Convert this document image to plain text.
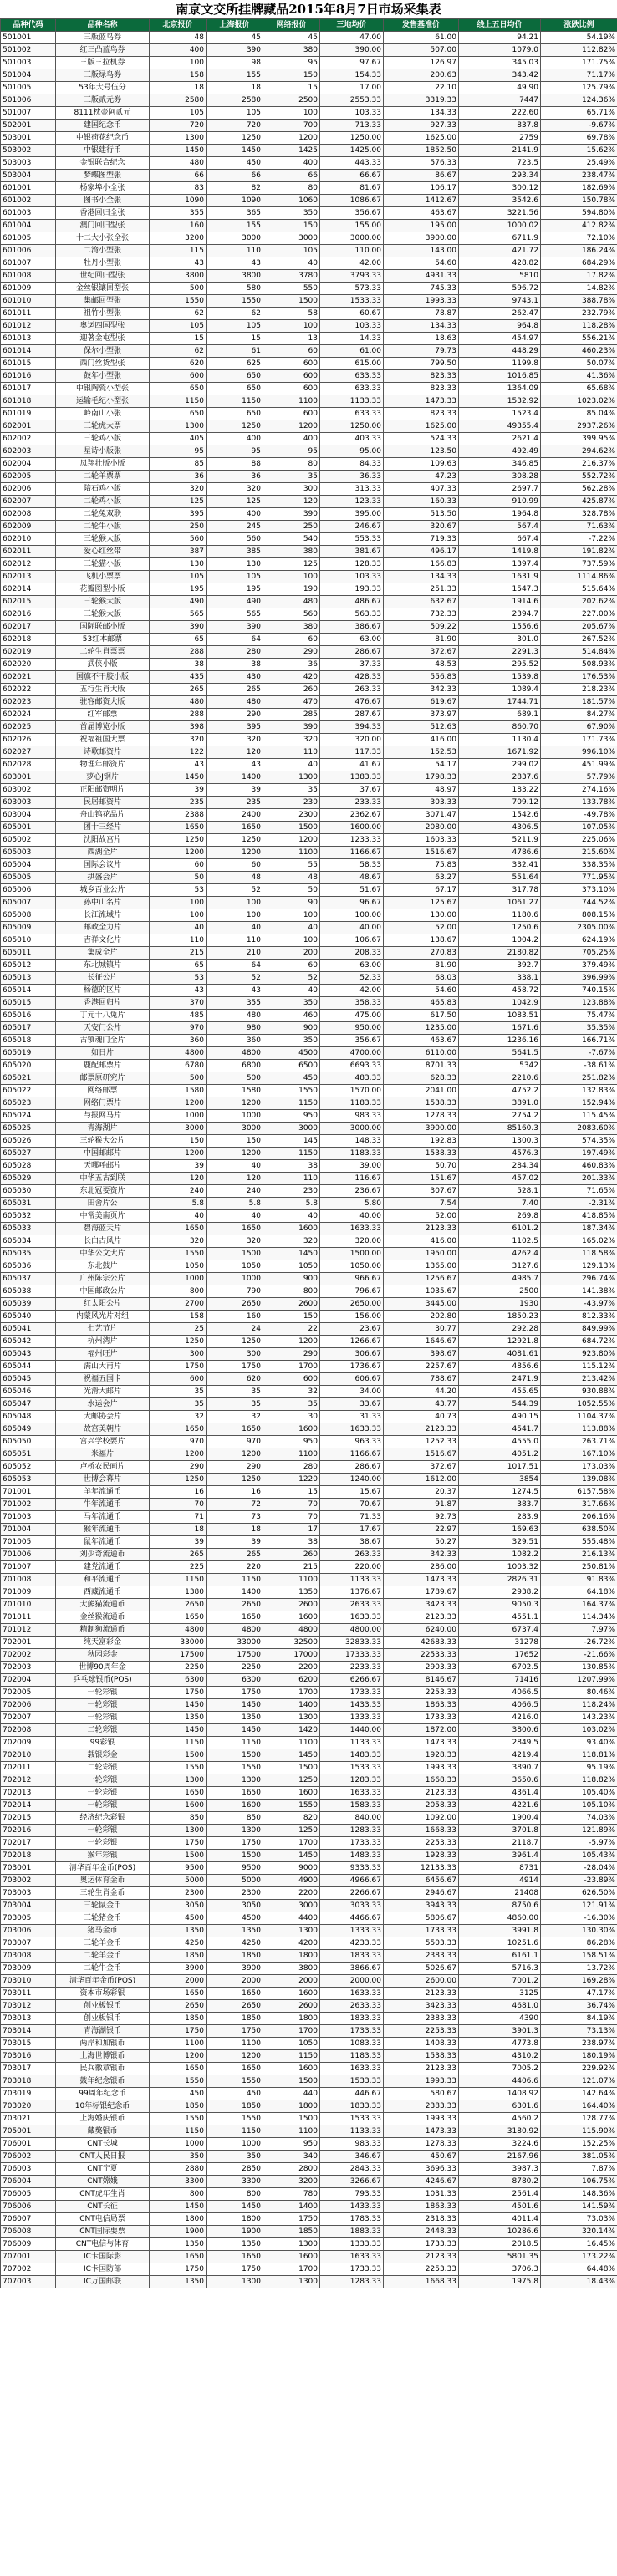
南京文交所挂牌藏品2015年8月7日市场采集表
品种代码	品种名称	北京报价	上海报价	网络报价	三地均价	发售基准价	线上五日均价	涨跌比例
501001	三版蓝鸟券	48	45	45	47.00	61.00	94.21	54.19%
501002	红三凸蓝鸟券	400	390	380	390.00	507.00	1079.0	112.82%
501003	三版三拉机券	100	98	95	97.67	126.97	345.03	171.75%
501004	三版绿鸟券	158	155	150	154.33	200.63	343.42	71.17%
501005	53年大号伍分	18	18	15	17.00	22.10	49.90	125.79%
501006	三版贰元券	2580	2580	2500	2553.33	3319.33	7447	124.36%
501007	8111枕壶阿贰元	105	105	100	103.33	134.33	222.60	65.71%
502001	建国纪念币	720	720	700	713.33	927.33	837.8	-9.67%
503001	中银荷花纪念币	1300	1250	1200	1250.00	1625.00	2759	69.78%
503002	中银建行币	1450	1450	1425	1425.00	1852.50	2141.9	15.62%
503003	金银联合纪念	480	450	400	443.33	576.33	723.5	25.49%
503004	梦蝶图型张	66	66	66	66.67	86.67	293.34	238.47%
601001	杨家埠小全张	83	82	80	81.67	106.17	300.12	182.69%
601002	图书小全张	1090	1090	1060	1086.67	1412.67	3542.6	150.78%
601003	香港回归全张	355	365	350	356.67	463.67	3221.56	594.80%
601004	澳门回归型张	160	155	150	155.00	195.00	1000.02	412.82%
601005	十二大小张全张	3200	3000	3000	3000.00	3900.00	6711.9	72.10%
601006	二湾小型张	115	110	105	110.00	143.00	421.72	186.24%
601007	牡丹小型张	43	43	40	42.00	54.60	428.82	684.29%
601008	世纪回归型张	3800	3800	3780	3793.33	4931.33	5810	17.82%
601009	金丝银镶回型张	500	580	550	573.33	745.33	596.72	14.82%
601010	集邮回型张	1550	1550	1500	1533.33	1993.33	9743.1	388.78%
601011	祖竹小型张	62	62	58	60.67	78.87	262.47	232.79%
601012	奥运四国型张	105	105	100	103.33	134.33	964.8	118.28%
601013	迎著金屯型张	15	15	13	14.33	18.63	454.97	556.21%
601014	保尔小型张	62	61	60	61.00	79.73	448.29	460.23%
601015	西门丝货型张	620	625	600	615.00	799.50	1199.8	50.07%
601016	鼓年小型张	600	650	600	633.33	823.33	1016.85	41.36%
601017	中银陶瓷小型张	650	650	600	633.33	823.33	1364.09	65.68%
601018	运输毛纪小型张	1150	1150	1100	1133.33	1473.33	1532.92	1023.02%
601019	岭南山小张	650	650	600	633.33	823.33	1523.4	85.04%
602001	三轮虎大票	1300	1250	1200	1250.00	1625.00	49355.4	2937.26%
602002	三轮鸡小版	405	400	400	403.33	524.33	2621.4	399.95%
602003	星诗小版张	95	95	95	95.00	123.50	492.49	294.62%
602004	凤翔壮版小版	85	88	80	84.33	109.63	346.85	216.37%
602005	二轮羊票票	36	36	35	36.33	47.23	308.28	552.72%
602006	陪石鸡小版	320	320	300	313.33	407.33	2697.7	562.28%
602007	二轮鸡小版	125	125	120	123.33	160.33	910.99	425.87%
602008	二轮兔双联	395	400	390	395.00	513.50	1964.8	328.78%
602009	二轮牛小版	250	245	250	246.67	320.67	567.4	71.63%
602010	三轮猴大版	560	560	540	553.33	719.33	667.4	-7.22%
602011	爱心红丝带	387	385	380	381.67	496.17	1419.8	191.82%
602012	三轮猫小版	130	130	125	128.33	166.83	1397.4	737.59%
602013	飞机小票票	105	105	100	103.33	134.33	1631.9	1114.86%
602014	花瓣图型小版	195	195	190	193.33	251.33	1547.3	515.64%
602015	三轮猴大版	490	490	480	486.67	632.67	1914.6	202.62%
602016	三轮猴大版	565	565	560	563.33	732.33	2394.7	227.00%
602017	国际联邮小版	390	390	380	386.67	509.22	1556.6	205.67%
602018	53红本邮票	65	64	60	63.00	81.90	301.0	267.52%
602019	二轮生肖票票	288	280	290	286.67	372.67	2291.3	514.84%
602020	武侠小版	38	38	36	37.33	48.53	295.52	508.93%
602021	国旗不干胶小版	435	430	420	428.33	556.83	1539.8	176.53%
602022	五行生肖大版	265	265	260	263.33	342.33	1089.4	218.23%
602023	驻容邮资大版	480	480	470	476.67	619.67	1744.71	181.57%
602024	红军邮票	288	290	285	287.67	373.97	689.1	84.27%
602025	首届博览小版	398	395	390	394.33	512.63	860.70	67.90%
602026	祝福祖国大票	320	320	320	320.00	416.00	1130.4	171.73%
602027	诗歌邮资片	122	120	110	117.33	152.53	1671.92	996.10%
602028	物理年邮资片	43	43	40	41.67	54.17	299.02	451.99%
603001	萝心J钢片	1450	1400	1300	1383.33	1798.33	2837.6	57.79%
603002	正阳邮资明片	39	39	35	37.67	48.97	183.22	274.16%
603003	民居邮资片	235	235	230	233.33	303.33	709.12	133.78%
603004	舟山钨花品片	2388	2400	2300	2362.67	3071.47	1542.6	-49.78%
605001	团十三经片	1650	1650	1500	1600.00	2080.00	4306.5	107.05%
605002	沈阳故宫片	1250	1250	1200	1233.33	1603.33	5211.9	225.06%
605003	西湖全片	1200	1200	1100	1166.67	1516.67	4786.6	215.60%
605004	国际会议片	60	60	55	58.33	75.83	332.41	338.35%
605005	拱盛会片	50	48	48	48.67	63.27	551.64	771.95%
605006	城乡百业公片	53	52	50	51.67	67.17	317.78	373.10%
605007	孙中山名片	100	100	90	96.67	125.67	1061.27	744.52%
605008	长江流域片	100	100	100	100.00	130.00	1180.6	808.15%
605009	邮政全力片	40	40	40	40.00	52.00	1250.6	2305.00%
605010	吉祥文化片	110	110	100	106.67	138.67	1004.2	624.19%
605011	集成全片	215	210	200	208.33	270.83	2180.82	705.25%
605012	东北城镇片	65	64	60	63.00	81.90	392.7	379.49%
605013	长征公片	53	52	52	52.33	68.03	338.1	396.99%
605014	杨德的区片	43	43	40	42.00	54.60	458.72	740.15%
605015	香港回归片	370	355	350	358.33	465.83	1042.9	123.88%
605016	丁元十八兔片	485	480	460	475.00	617.50	1083.51	75.47%
605017	天安门公片	970	980	900	950.00	1235.00	1671.6	35.35%
605018	古镇魂门全片	360	360	350	356.67	463.67	1236.16	166.71%
605019	如日片	4800	4800	4500	4700.00	6110.00	5641.5	-7.67%
605020	鹿配邮票片	6780	6800	6500	6693.33	8701.33	5342	-38.61%
605021	邮票原研究片	500	500	450	483.33	628.33	2210.6	251.82%
605022	网络邮票	1580	1580	1550	1570.00	2041.00	4752.2	132.83%
605023	网络门票片	1200	1200	1150	1183.33	1538.33	3891.0	152.94%
605024	与报网马片	1000	1000	950	983.33	1278.33	2754.2	115.45%
605025	青海湖片	3000	3000	3000	3000.00	3900.00	85160.3	2083.60%
605026	三轮猴大公片	150	150	145	148.33	192.83	1300.3	574.35%
605027	中国邮邮片	1200	1200	1150	1183.33	1538.33	4576.3	197.49%
605028	天哪呼邮片	39	40	38	39.00	50.70	284.34	460.83%
605029	中华五古到联	120	120	110	116.67	151.67	457.02	201.33%
605030	东北冠要资片	240	240	230	236.67	307.67	528.1	71.65%
605031	田舍片公	5.8	5.8	5.8	5.80	7.54	7.40	-2.31%
605032	中常美南页片	40	40	40	40.00	52.00	269.8	418.85%
605033	碧海蓝天片	1650	1650	1600	1633.33	2123.33	6101.2	187.34%
605034	长白古风片	320	320	320	320.00	416.00	1102.5	165.02%
605035	中华公文大片	1550	1500	1450	1500.00	1950.00	4262.4	118.58%
605036	东北鼓片	1050	1050	1050	1050.00	1365.00	3127.6	129.13%
605037	广州陈宗公片	1000	1000	900	966.67	1256.67	4985.7	296.74%
605038	中国邮政公片	800	790	800	796.67	1035.67	2500	141.38%
605039	红太阳公片	2700	2650	2600	2650.00	3445.00	1930	-43.97%
605040	内蒙风光片对组	158	160	150	156.00	202.80	1850.23	812.33%
605041	七艺节片	25	24	22	23.67	30.77	292.28	849.99%
605042	杭州湾片	1250	1250	1200	1266.67	1646.67	12921.8	684.72%
605043	福州旺片	300	300	290	306.67	398.67	4081.61	923.80%
605044	满山大甫片	1750	1750	1700	1736.67	2257.67	4856.6	115.12%
605045	祝福五国卡	600	620	600	606.67	788.67	2471.9	213.42%
605046	光滑大邮片	35	35	32	34.00	44.20	455.65	930.88%
605047	水运会片	35	35	35	33.67	43.77	544.39	1052.55%
605048	大邮协会片	32	32	30	31.33	40.73	490.15	1104.37%
605049	故宫美朝片	1650	1650	1600	1633.33	2123.33	4541.7	113.88%
605050	宫兴学校要片	970	970	950	963.33	1252.33	4555.0	263.71%
605051	米福片	1200	1200	1100	1166.67	1516.67	4051.2	167.10%
605052	卢桥农民画片	290	290	280	286.67	372.67	1017.51	173.03%
605053	世博会幕片	1250	1250	1220	1240.00	1612.00	3854	139.08%
701001	羊年流通币	16	16	15	15.67	20.37	1274.5	6157.58%
701002	牛年流通币	70	72	70	70.67	91.87	383.7	317.66%
701003	马年流通币	71	73	70	71.33	92.73	283.9	206.16%
701004	猴年流通币	18	18	17	17.67	22.97	169.63	638.50%
701005	鼠年流通币	39	39	38	38.67	50.27	329.51	555.48%
701006	刘少奇流通币	265	265	260	263.33	342.33	1082.2	216.13%
701007	建党流通币	225	220	215	220.00	286.00	1003.32	250.81%
701008	和平流通币	1150	1150	1100	1133.33	1473.33	2826.31	91.83%
701009	西藏流通币	1380	1400	1350	1376.67	1789.67	2938.2	64.18%
701010	大熊猫流通币	2650	2650	2600	2633.33	3423.33	9050.3	164.37%
701011	金丝猴流通币	1650	1650	1600	1633.33	2123.33	4551.1	114.34%
701012	精制狗流通币	4800	4800	4800	4800.00	6240.00	6737.4	7.97%
702001	纯天富彩金	33000	33000	32500	32833.33	42683.33	31278	-26.72%
702002	秋园彩金	17500	17500	17000	17333.33	22533.33	17652	-21.66%
702003	世博90周年金	2250	2250	2200	2233.33	2903.33	6702.5	130.85%
702004	乒乓球银币(POS)	6300	6300	6200	6266.67	8146.67	71416	1207.99%
702005	一轮彩银	1750	1750	1700	1733.33	2253.33	4066.5	80.46%
702006	一轮彩银	1450	1450	1400	1433.33	1863.33	4066.5	118.24%
702007	一轮彩银	1350	1350	1300	1333.33	1733.33	4216.0	143.23%
702008	二轮彩银	1450	1450	1420	1440.00	1872.00	3800.6	103.02%
702009	99彩银	1150	1150	1100	1133.33	1473.33	2849.5	93.40%
702010	载银彩金	1500	1500	1450	1483.33	1928.33	4219.4	118.81%
702011	二轮彩银	1550	1550	1500	1533.33	1993.33	3890.7	95.19%
702012	一轮彩银	1300	1300	1250	1283.33	1668.33	3650.6	118.82%
702013	一轮彩银	1650	1650	1600	1633.33	2123.33	4361.4	105.40%
702014	一轮彩银	1600	1600	1550	1583.33	2058.33	4221.6	105.10%
702015	经济纪念彩银	850	850	820	840.00	1092.00	1900.4	74.03%
702016	一轮彩银	1300	1300	1250	1283.33	1668.33	3701.8	121.89%
702017	一轮彩银	1750	1750	1700	1733.33	2253.33	2118.7	-5.97%
702018	猴年彩银	1500	1500	1450	1483.33	1928.33	3961.4	105.43%
703001	清华百年金币(POS)	9500	9500	9000	9333.33	12133.33	8731	-28.04%
703002	奥运体育金币	5000	5000	4900	4966.67	6456.67	4914	-23.89%
703003	三轮生肖金币	2300	2300	2200	2266.67	2946.67	21408	626.50%
703004	三轮鼠金币	3050	3050	3000	3033.33	3943.33	8750.6	121.91%
703005	三轮猪金币	4500	4500	4400	4466.67	5806.67	4860.00	-16.30%
703006	猪马金币	1350	1350	1300	1333.33	1733.33	3991.8	130.30%
703007	三轮羊金币	4250	4250	4200	4233.33	5503.33	10251.6	86.28%
703008	二轮羊金币	1850	1850	1800	1833.33	2383.33	6161.1	158.51%
703009	二轮牛金币	3900	3900	3800	3866.67	5026.67	5716.3	13.72%
703010	清华百年金币(POS)	2000	2000	2000	2000.00	2600.00	7001.2	169.28%
703011	资本市场彩银	1650	1650	1600	1633.33	2123.33	3125	47.17%
703012	创业板银币	2650	2650	2600	2633.33	3423.33	4681.0	36.74%
703013	创业板银币	1850	1850	1800	1833.33	2383.33	4390	84.19%
703014	青海湖银币	1750	1750	1700	1733.33	2253.33	3901.3	73.13%
703015	两岸和加银币	1100	1100	1050	1083.33	1408.33	4773.8	238.97%
703016	上海世博银币	1200	1200	1150	1183.33	1538.33	4310.2	180.19%
703017	民兵徽章银币	1650	1650	1600	1633.33	2123.33	7005.2	229.92%
703018	鼓年纪念银币	1550	1550	1500	1533.33	1993.33	4406.6	121.07%
703019	99周年纪念币	450	450	440	446.67	580.67	1408.92	142.64%
703020	10年标银纪念币	1850	1850	1800	1833.33	2383.33	6301.6	164.40%
703021	上海婚庆银币	1550	1550	1500	1533.33	1993.33	4560.2	128.77%
705001	藏獒银币	1150	1150	1100	1133.33	1473.33	3180.92	115.90%
706001	CNT长城	1000	1000	950	983.33	1278.33	3224.6	152.25%
706002	CNT人民日报	350	350	340	346.67	450.67	2167.96	381.05%
706003	CNT宁夏	2880	2850	2800	2843.33	3696.33	3987.3	7.87%
706004	CNT嫦娥	3300	3300	3200	3266.67	4246.67	8780.2	106.75%
706005	CNT虎年生肖	800	800	780	793.33	1031.33	2561.4	148.36%
706006	CNT长征	1450	1450	1400	1433.33	1863.33	4501.6	141.59%
706007	CNT电信局票	1800	1800	1750	1783.33	2318.33	4011.4	73.03%
706008	CNT国际要票	1900	1900	1850	1883.33	2448.33	10286.6	320.14%
706009	CNT电信与体育	1350	1350	1300	1333.33	1733.33	2018.5	16.45%
707001	IC卡国际影	1650	1650	1600	1633.33	2123.33	5801.35	173.22%
707002	IC卡国防部	1750	1750	1700	1733.33	2253.33	3706.3	64.48%
707003	IC万国邮联	1350	1300	1300	1283.33	1668.33	1975.8	18.43%
